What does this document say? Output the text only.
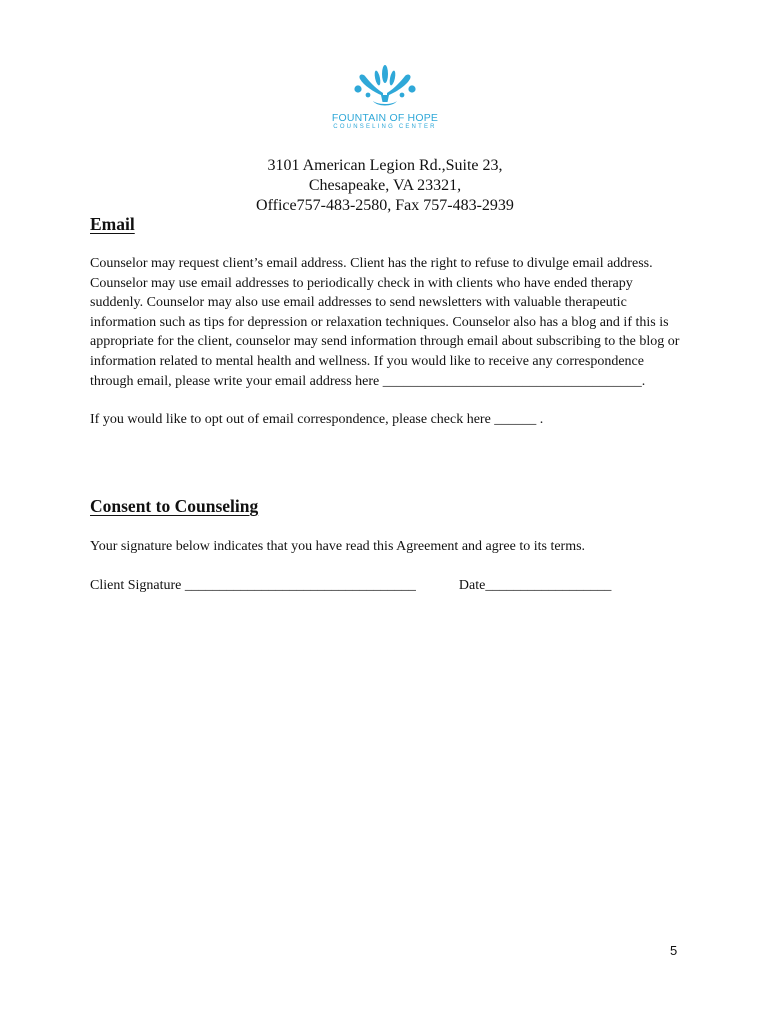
FOUNTAIN OF HOPE
COUNSELING CENTER
3101 American Legion Rd.,Suite 23,
Chesapeake, VA 23321,
Office757-483-2580, Fax 757-483-2939
Email
Counselor may request client’s email address. Client has the right to refuse to divulge email address.
Counselor may use email addresses to periodically check in with clients who have ended therapy
suddenly. Counselor may also use email addresses to send newsletters with valuable therapeutic
information such as tips for depression or relaxation techniques. Counselor also has a blog and if this is
appropriate for the client, counselor may send information through email about subscribing to the blog or
information related to mental health and wellness. If you would like to receive any correspondence
through email, please write your email address here _____________________________________.
If you would like to opt out of email correspondence, please check here ______ .
Consent to Counseling
Your signature below indicates that you have read this Agreement and agree to its terms.
Client Signature _________________________________	Date__________________
5
